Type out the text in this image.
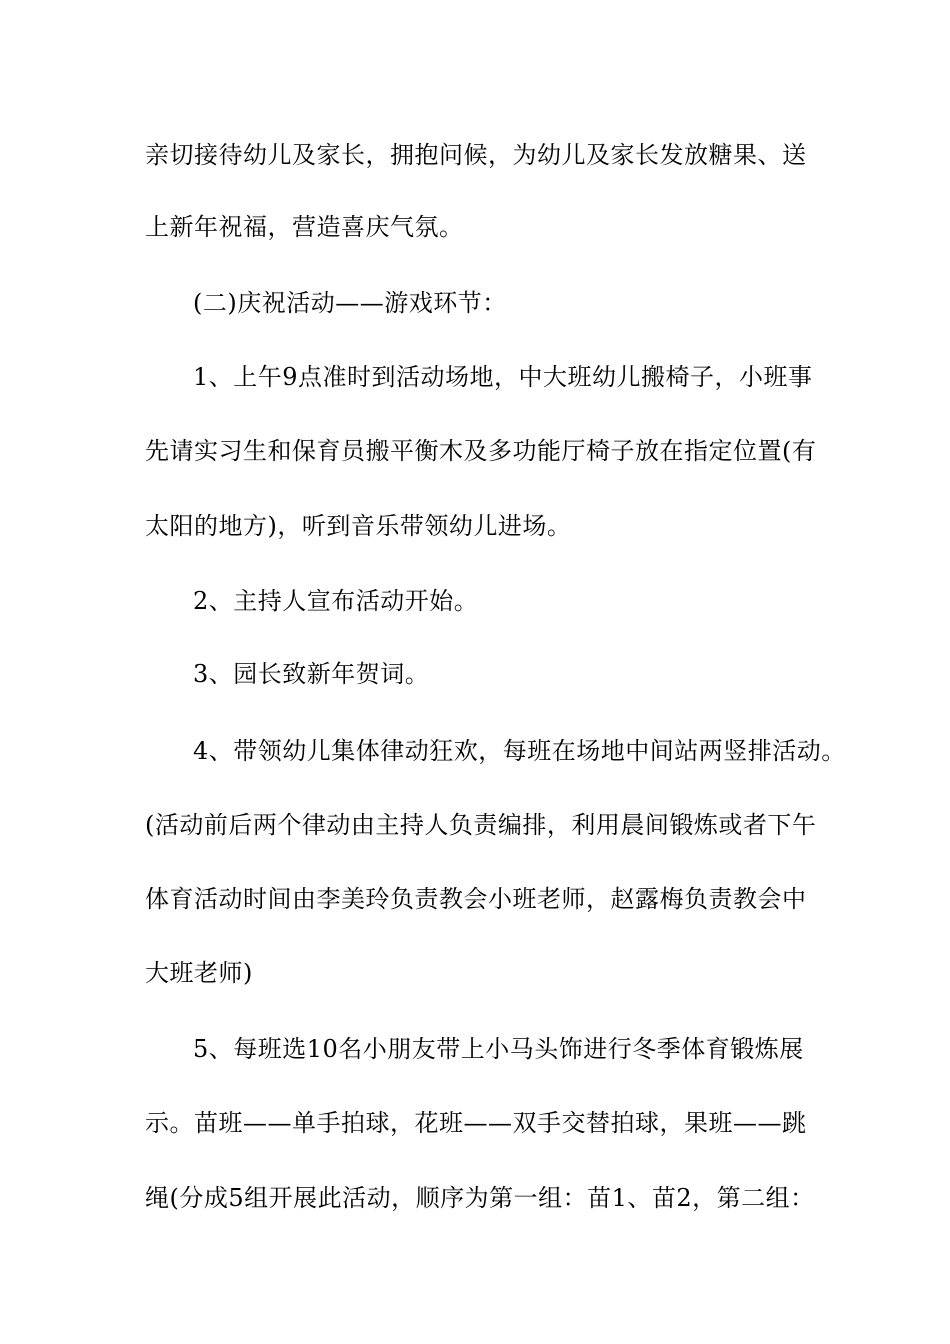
亲切接待幼儿及家长，拥抱问候，为幼儿及家长发放糖果、送
上新年祝福，营造喜庆气氛。
(二)庆祝活动——游戏环节：
1、上午9点准时到活动场地，中大班幼儿搬椅子，小班事
先请实习生和保育员搬平衡木及多功能厅椅子放在指定位置(有
太阳的地方)，听到音乐带领幼儿进场。
2、主持人宣布活动开始。
3、园长致新年贺词。
4、带领幼儿集体律动狂欢，每班在场地中间站两竖排活动。
(活动前后两个律动由主持人负责编排，利用晨间锻炼或者下午
体育活动时间由李美玲负责教会小班老师，赵露梅负责教会中
大班老师)
5、每班选10名小朋友带上小马头饰进行冬季体育锻炼展
示。苗班——单手拍球，花班——双手交替拍球，果班——跳
绳(分成5组开展此活动，顺序为第一组：苗1、苗2，第二组：
